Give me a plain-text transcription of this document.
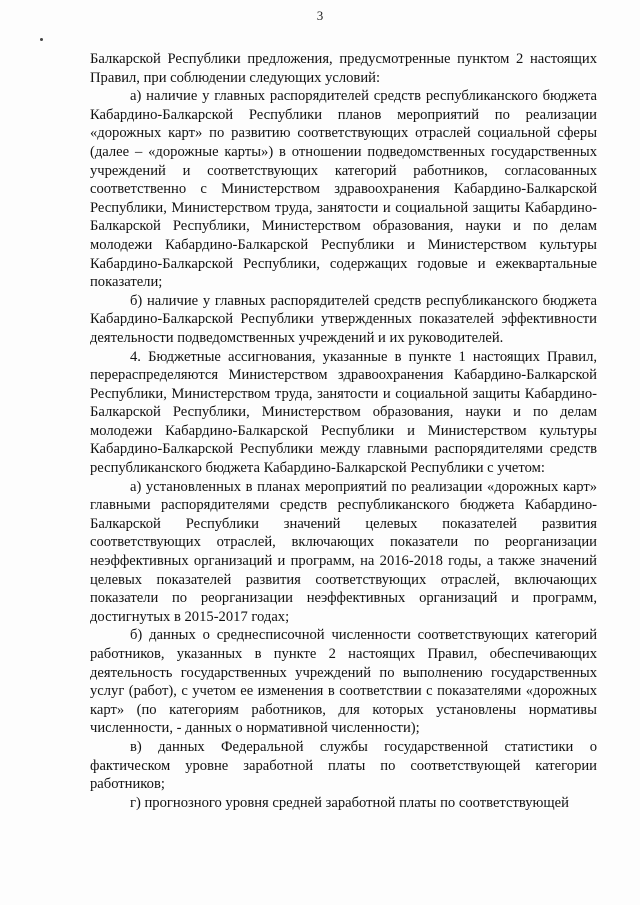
3

Балкарской Республики предложения, предусмотренные пунктом 2 настоящих Правил, при соблюдении следующих условий:

а) наличие у главных распорядителей средств республиканского бюджета Кабардино-Балкарской Республики планов мероприятий по реализации «дорожных карт» по развитию соответствующих отраслей социальной сферы (далее – «дорожные карты») в отношении подведомственных государственных учреждений и соответствующих категорий работников, согласованных соответственно с Министерством здравоохранения Кабардино-Балкарской Республики, Министерством труда, занятости и социальной защиты Кабардино-Балкарской Республики, Министерством образования, науки и по делам молодежи Кабардино-Балкарской Республики и Министерством культуры Кабардино-Балкарской Республики, содержащих годовые и ежеквартальные показатели;

б) наличие у главных распорядителей средств республиканского бюджета Кабардино-Балкарской Республики утвержденных показателей эффективности деятельности подведомственных учреждений и их руководителей.

4. Бюджетные ассигнования, указанные в пункте 1 настоящих Правил, перераспределяются Министерством здравоохранения Кабардино-Балкарской Республики, Министерством труда, занятости и социальной защиты Кабардино-Балкарской Республики, Министерством образования, науки и по делам молодежи Кабардино-Балкарской Республики и Министерством культуры Кабардино-Балкарской Республики между главными распорядителями средств республиканского бюджета Кабардино-Балкарской Республики с учетом:

а) установленных в планах мероприятий по реализации «дорожных карт» главными распорядителями средств республиканского бюджета Кабардино-Балкарской Республики значений целевых показателей развития соответствующих отраслей, включающих показатели по реорганизации неэффективных организаций и программ, на 2016-2018 годы, а также значений целевых показателей развития соответствующих отраслей, включающих показатели по реорганизации неэффективных организаций и программ, достигнутых в 2015-2017 годах;

б) данных о среднесписочной численности соответствующих категорий работников, указанных в пункте 2 настоящих Правил, обеспечивающих деятельность государственных учреждений по выполнению государственных услуг (работ), с учетом ее изменения в соответствии с показателями «дорожных карт» (по категориям работников, для которых установлены нормативы численности, - данных о нормативной численности);

в) данных Федеральной службы государственной статистики о фактическом уровне заработной платы по соответствующей категории работников;

г) прогнозного уровня средней заработной платы по соответствующей
